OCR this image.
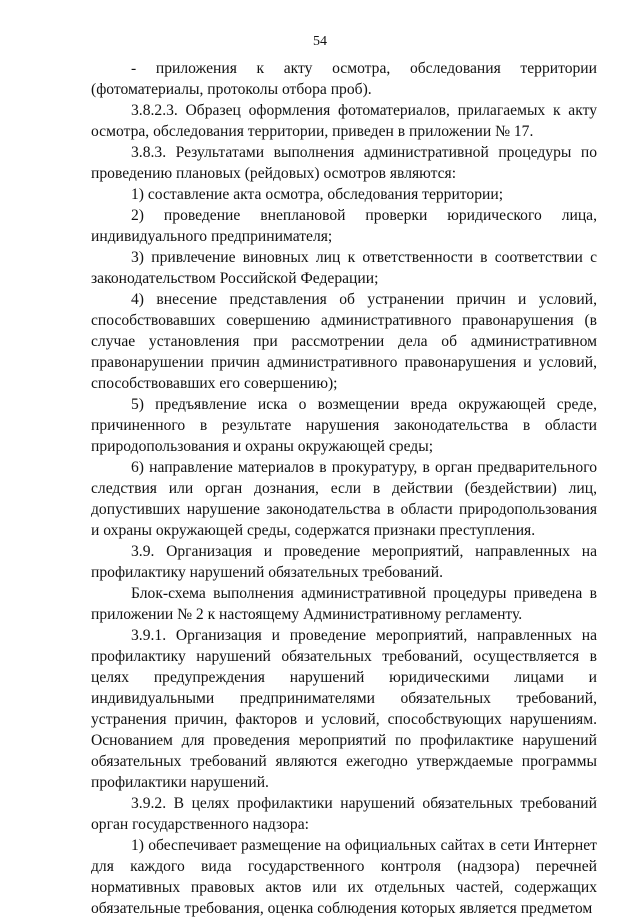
54

- приложения к акту осмотра, обследования территории (фотоматериалы, протоколы отбора проб).

3.8.2.3. Образец оформления фотоматериалов, прилагаемых к акту осмотра, обследования территории, приведен в приложении № 17.

3.8.3. Результатами выполнения административной процедуры по проведению плановых (рейдовых) осмотров являются:

1) составление акта осмотра, обследования территории;

2) проведение внеплановой проверки юридического лица, индивидуального предпринимателя;

3) привлечение виновных лиц к ответственности в соответствии с законодательством Российской Федерации;

4) внесение представления об устранении причин и условий, способствовавших совершению административного правонарушения (в случае установления при рассмотрении дела об административном правонарушении причин административного правонарушения и условий, способствовавших его совершению);

5) предъявление иска о возмещении вреда окружающей среде, причиненного в результате нарушения законодательства в области природопользования и охраны окружающей среды;

6) направление материалов в прокуратуру, в орган предварительного следствия или орган дознания, если в действии (бездействии) лиц, допустивших нарушение законодательства в области природопользования и охраны окружающей среды, содержатся признаки преступления.

3.9. Организация и проведение мероприятий, направленных на профилактику нарушений обязательных требований.

Блок-схема выполнения административной процедуры приведена в приложении № 2 к настоящему Административному регламенту.

3.9.1. Организация и проведение мероприятий, направленных на профилактику нарушений обязательных требований, осуществляется в целях предупреждения нарушений юридическими лицами и индивидуальными предпринимателями обязательных требований, устранения причин, факторов и условий, способствующих нарушениям. Основанием для проведения мероприятий по профилактике нарушений обязательных требований являются ежегодно утверждаемые программы профилактики нарушений.

3.9.2. В целях профилактики нарушений обязательных требований орган государственного надзора:

1) обеспечивает размещение на официальных сайтах в сети Интернет для каждого вида государственного контроля (надзора) перечней нормативных правовых актов или их отдельных частей, содержащих обязательные требования, оценка соблюдения которых является предметом
